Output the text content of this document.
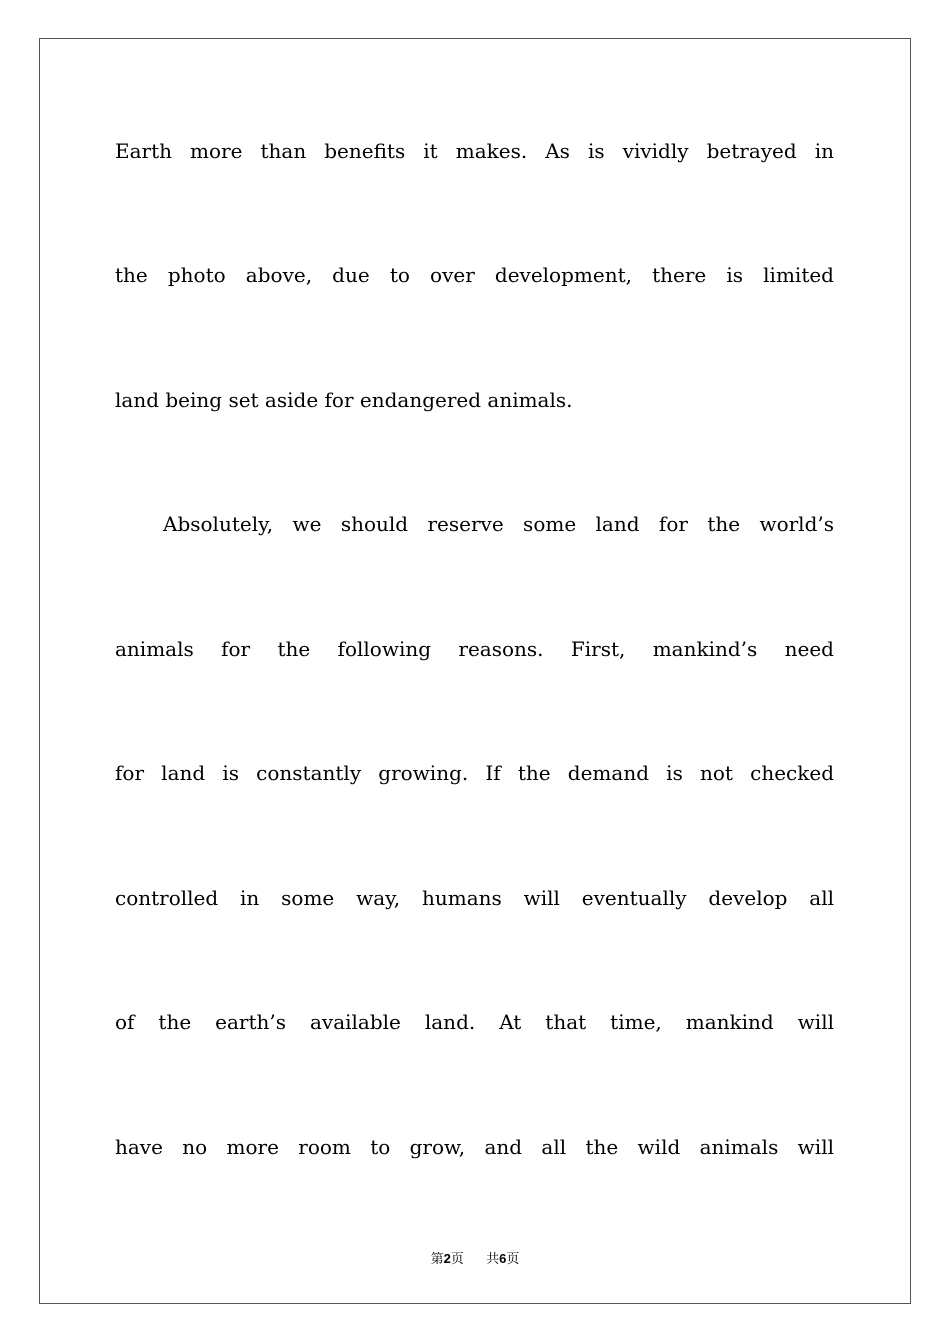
Earth more than benefits it makes. As is vividly betrayed in
the photo above, due to over development, there is limited
land being set aside for endangered animals.
Absolutely, we should reserve some land for the world’s
animals for the following reasons. First, mankind’s need
for land is constantly growing. If the demand is not checked
controlled in some way, humans will eventually develop all
of the earth’s available land. At that time, mankind will
have no more room to grow, and all the wild animals will
第2页 共6页
